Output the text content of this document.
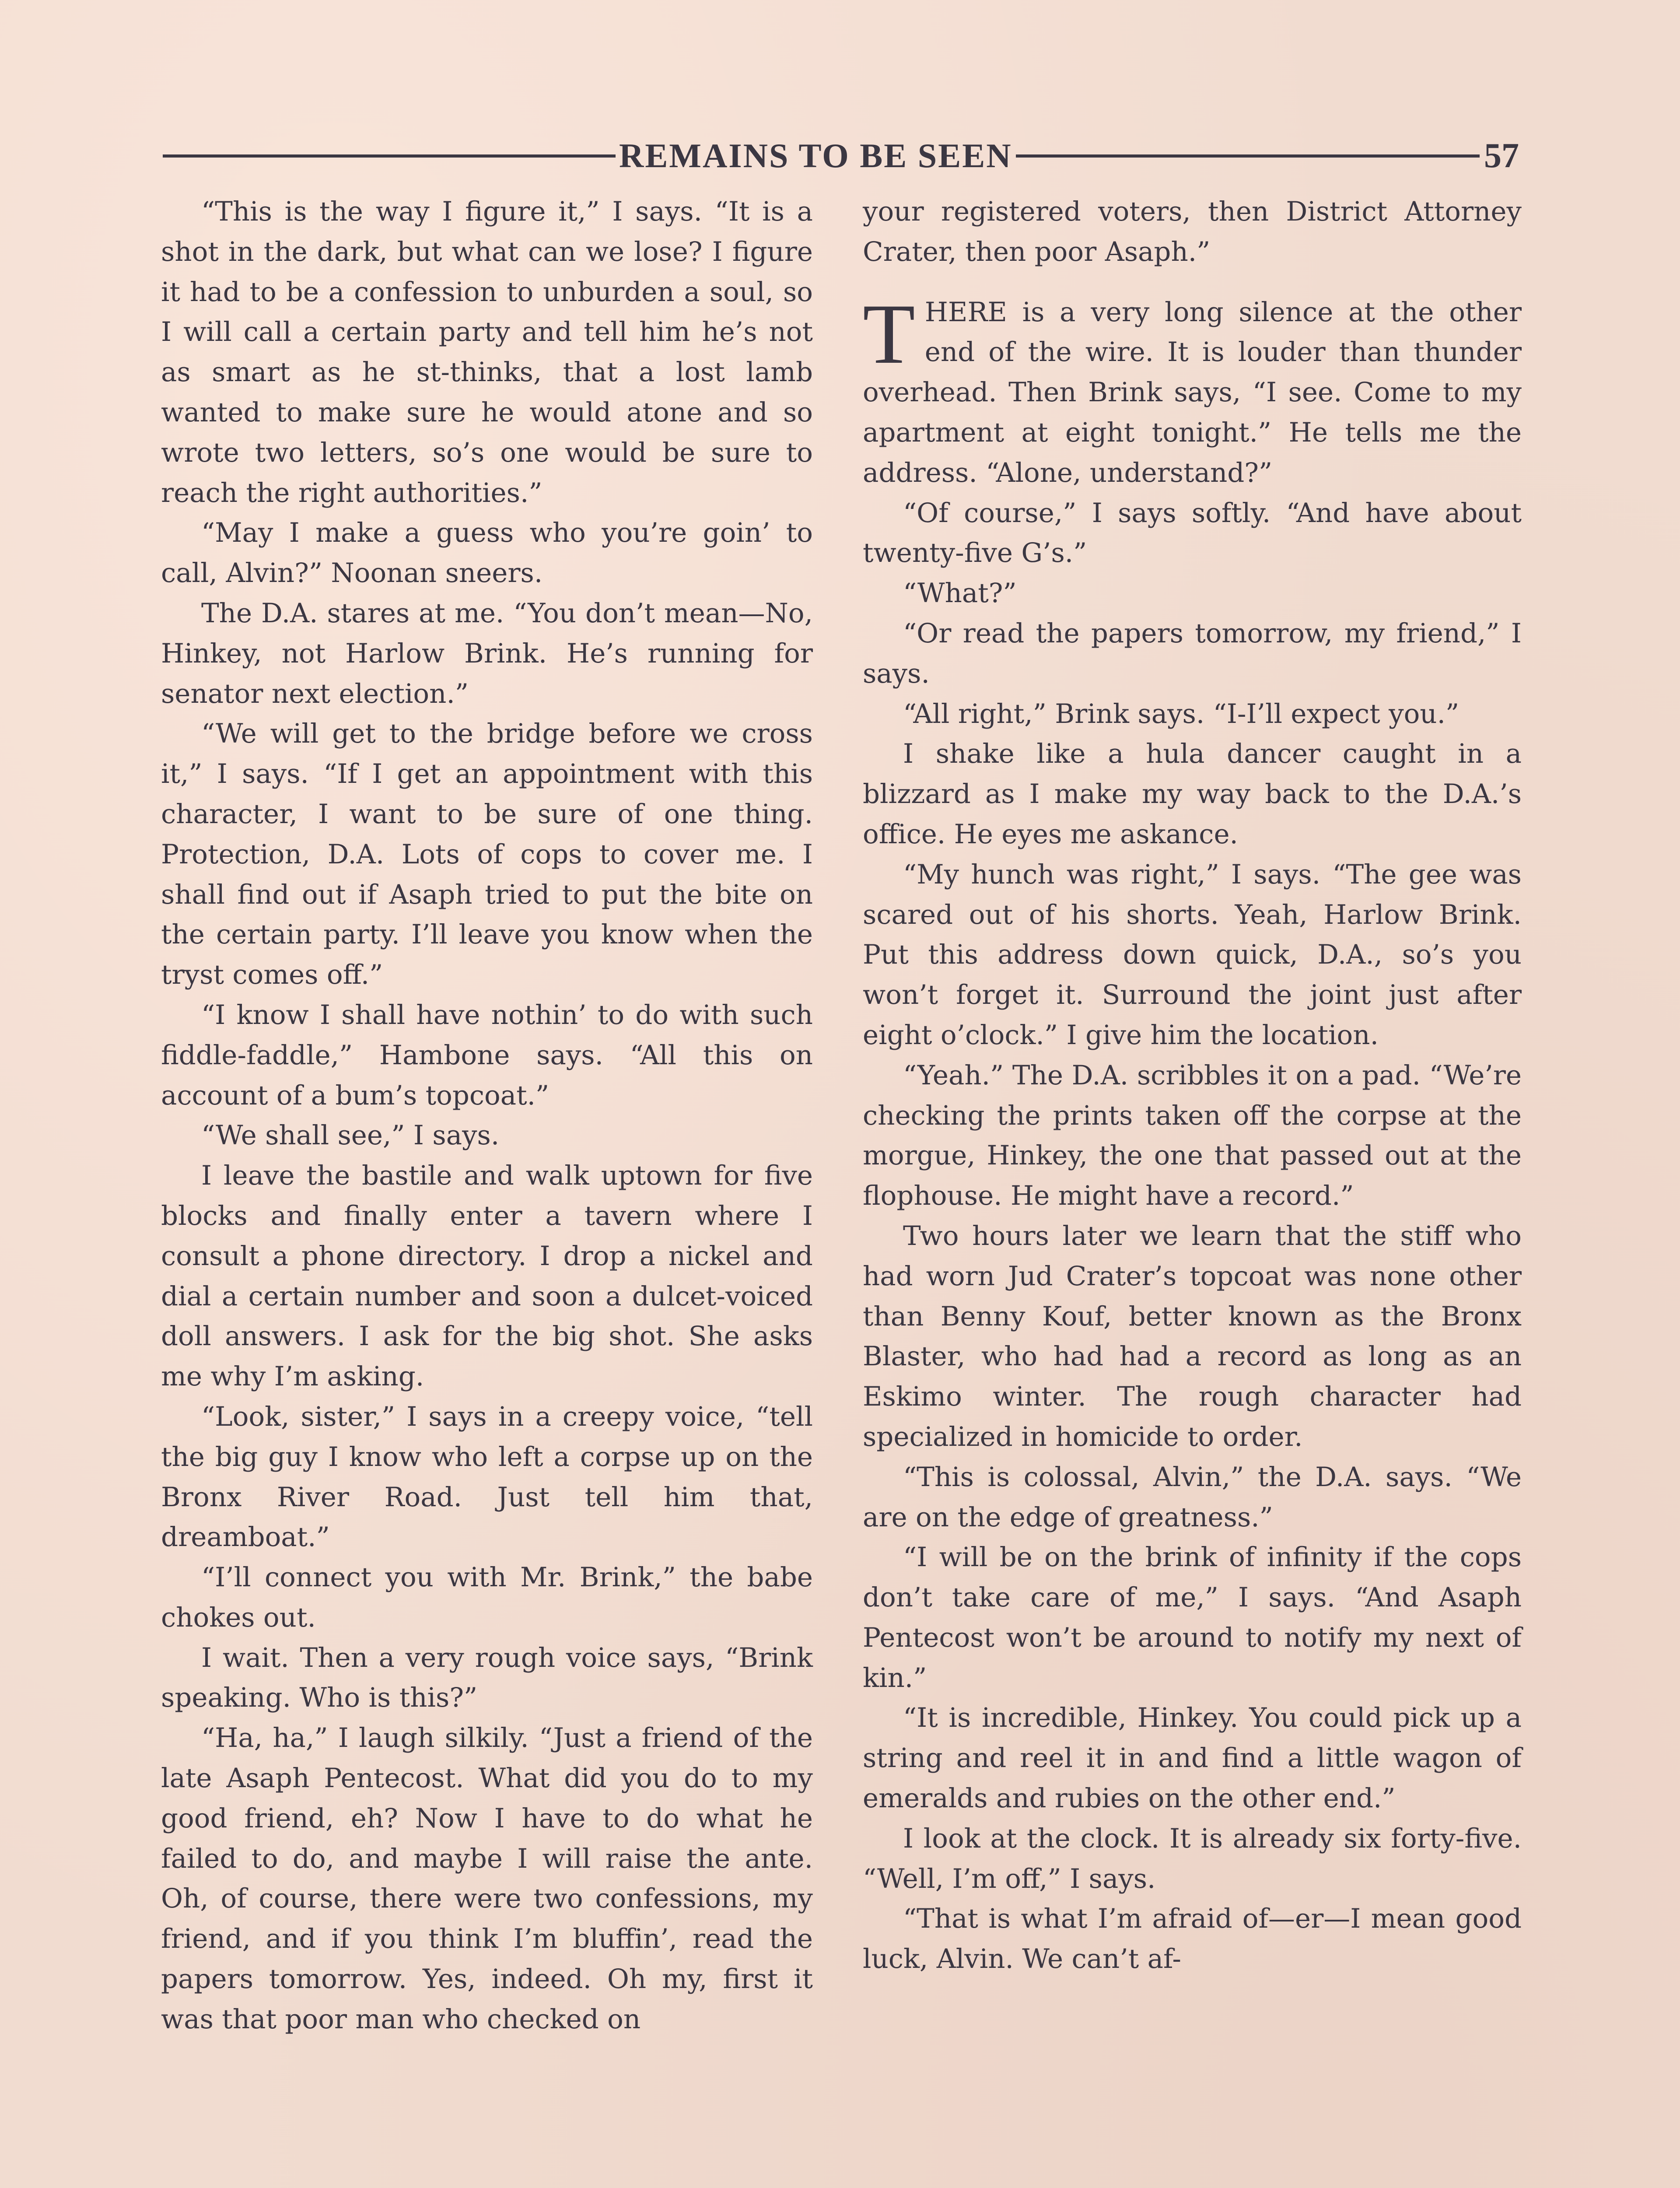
REMAINS TO BE SEEN	57

“This is the way I figure it,” I says. “It is a shot in the dark, but what can we lose? I figure it had to be a confession to unburden a soul, so I will call a certain party and tell him he’s not as smart as he st-thinks, that a lost lamb wanted to make sure he would atone and so wrote two letters, so’s one would be sure to reach the right authorities.”

“May I make a guess who you’re goin’ to call, Alvin?” Noonan sneers.

The D.A. stares at me. “You don’t mean—No, Hinkey, not Harlow Brink. He’s running for senator next election.”

“We will get to the bridge before we cross it,” I says. “If I get an appointment with this character, I want to be sure of one thing. Protection, D.A. Lots of cops to cover me. I shall find out if Asaph tried to put the bite on the certain party. I’ll leave you know when the tryst comes off.”

“I know I shall have nothin’ to do with such fiddle-faddle,” Hambone says. “All this on account of a bum’s topcoat.”

“We shall see,” I says.

I leave the bastile and walk uptown for five blocks and finally enter a tavern where I consult a phone directory. I drop a nickel and dial a certain number and soon a dulcet-voiced doll answers. I ask for the big shot. She asks me why I’m asking.

“Look, sister,” I says in a creepy voice, “tell the big guy I know who left a corpse up on the Bronx River Road. Just tell him that, dreamboat.”

“I’ll connect you with Mr. Brink,” the babe chokes out.

I wait. Then a very rough voice says, “Brink speaking. Who is this?”

“Ha, ha,” I laugh silkily. “Just a friend of the late Asaph Pentecost. What did you do to my good friend, eh? Now I have to do what he failed to do, and maybe I will raise the ante. Oh, of course, there were two confessions, my friend, and if you think I’m bluffin’, read the papers tomorrow. Yes, indeed. Oh my, first it was that poor man who checked on

your registered voters, then District Attorney Crater, then poor Asaph.”

THERE is a very long silence at the other end of the wire. It is louder than thunder overhead. Then Brink says, “I see. Come to my apartment at eight tonight.” He tells me the address. “Alone, understand?”

“Of course,” I says softly. “And have about twenty-five G’s.”

“What?”

“Or read the papers tomorrow, my friend,” I says.

“All right,” Brink says. “I-I’ll expect you.”

I shake like a hula dancer caught in a blizzard as I make my way back to the D.A.’s office. He eyes me askance.

“My hunch was right,” I says. “The gee was scared out of his shorts. Yeah, Harlow Brink. Put this address down quick, D.A., so’s you won’t forget it. Surround the joint just after eight o’clock.” I give him the location.

“Yeah.” The D.A. scribbles it on a pad. “We’re checking the prints taken off the corpse at the morgue, Hinkey, the one that passed out at the flophouse. He might have a record.”

Two hours later we learn that the stiff who had worn Jud Crater’s topcoat was none other than Benny Kouf, better known as the Bronx Blaster, who had had a record as long as an Eskimo winter. The rough character had specialized in homicide to order.

“This is colossal, Alvin,” the D.A. says. “We are on the edge of greatness.”

“I will be on the brink of infinity if the cops don’t take care of me,” I says. “And Asaph Pentecost won’t be around to notify my next of kin.”

“It is incredible, Hinkey. You could pick up a string and reel it in and find a little wagon of emeralds and rubies on the other end.”

I look at the clock. It is already six forty-five. “Well, I’m off,” I says.

“That is what I’m afraid of—er—I mean good luck, Alvin. We can’t af-
